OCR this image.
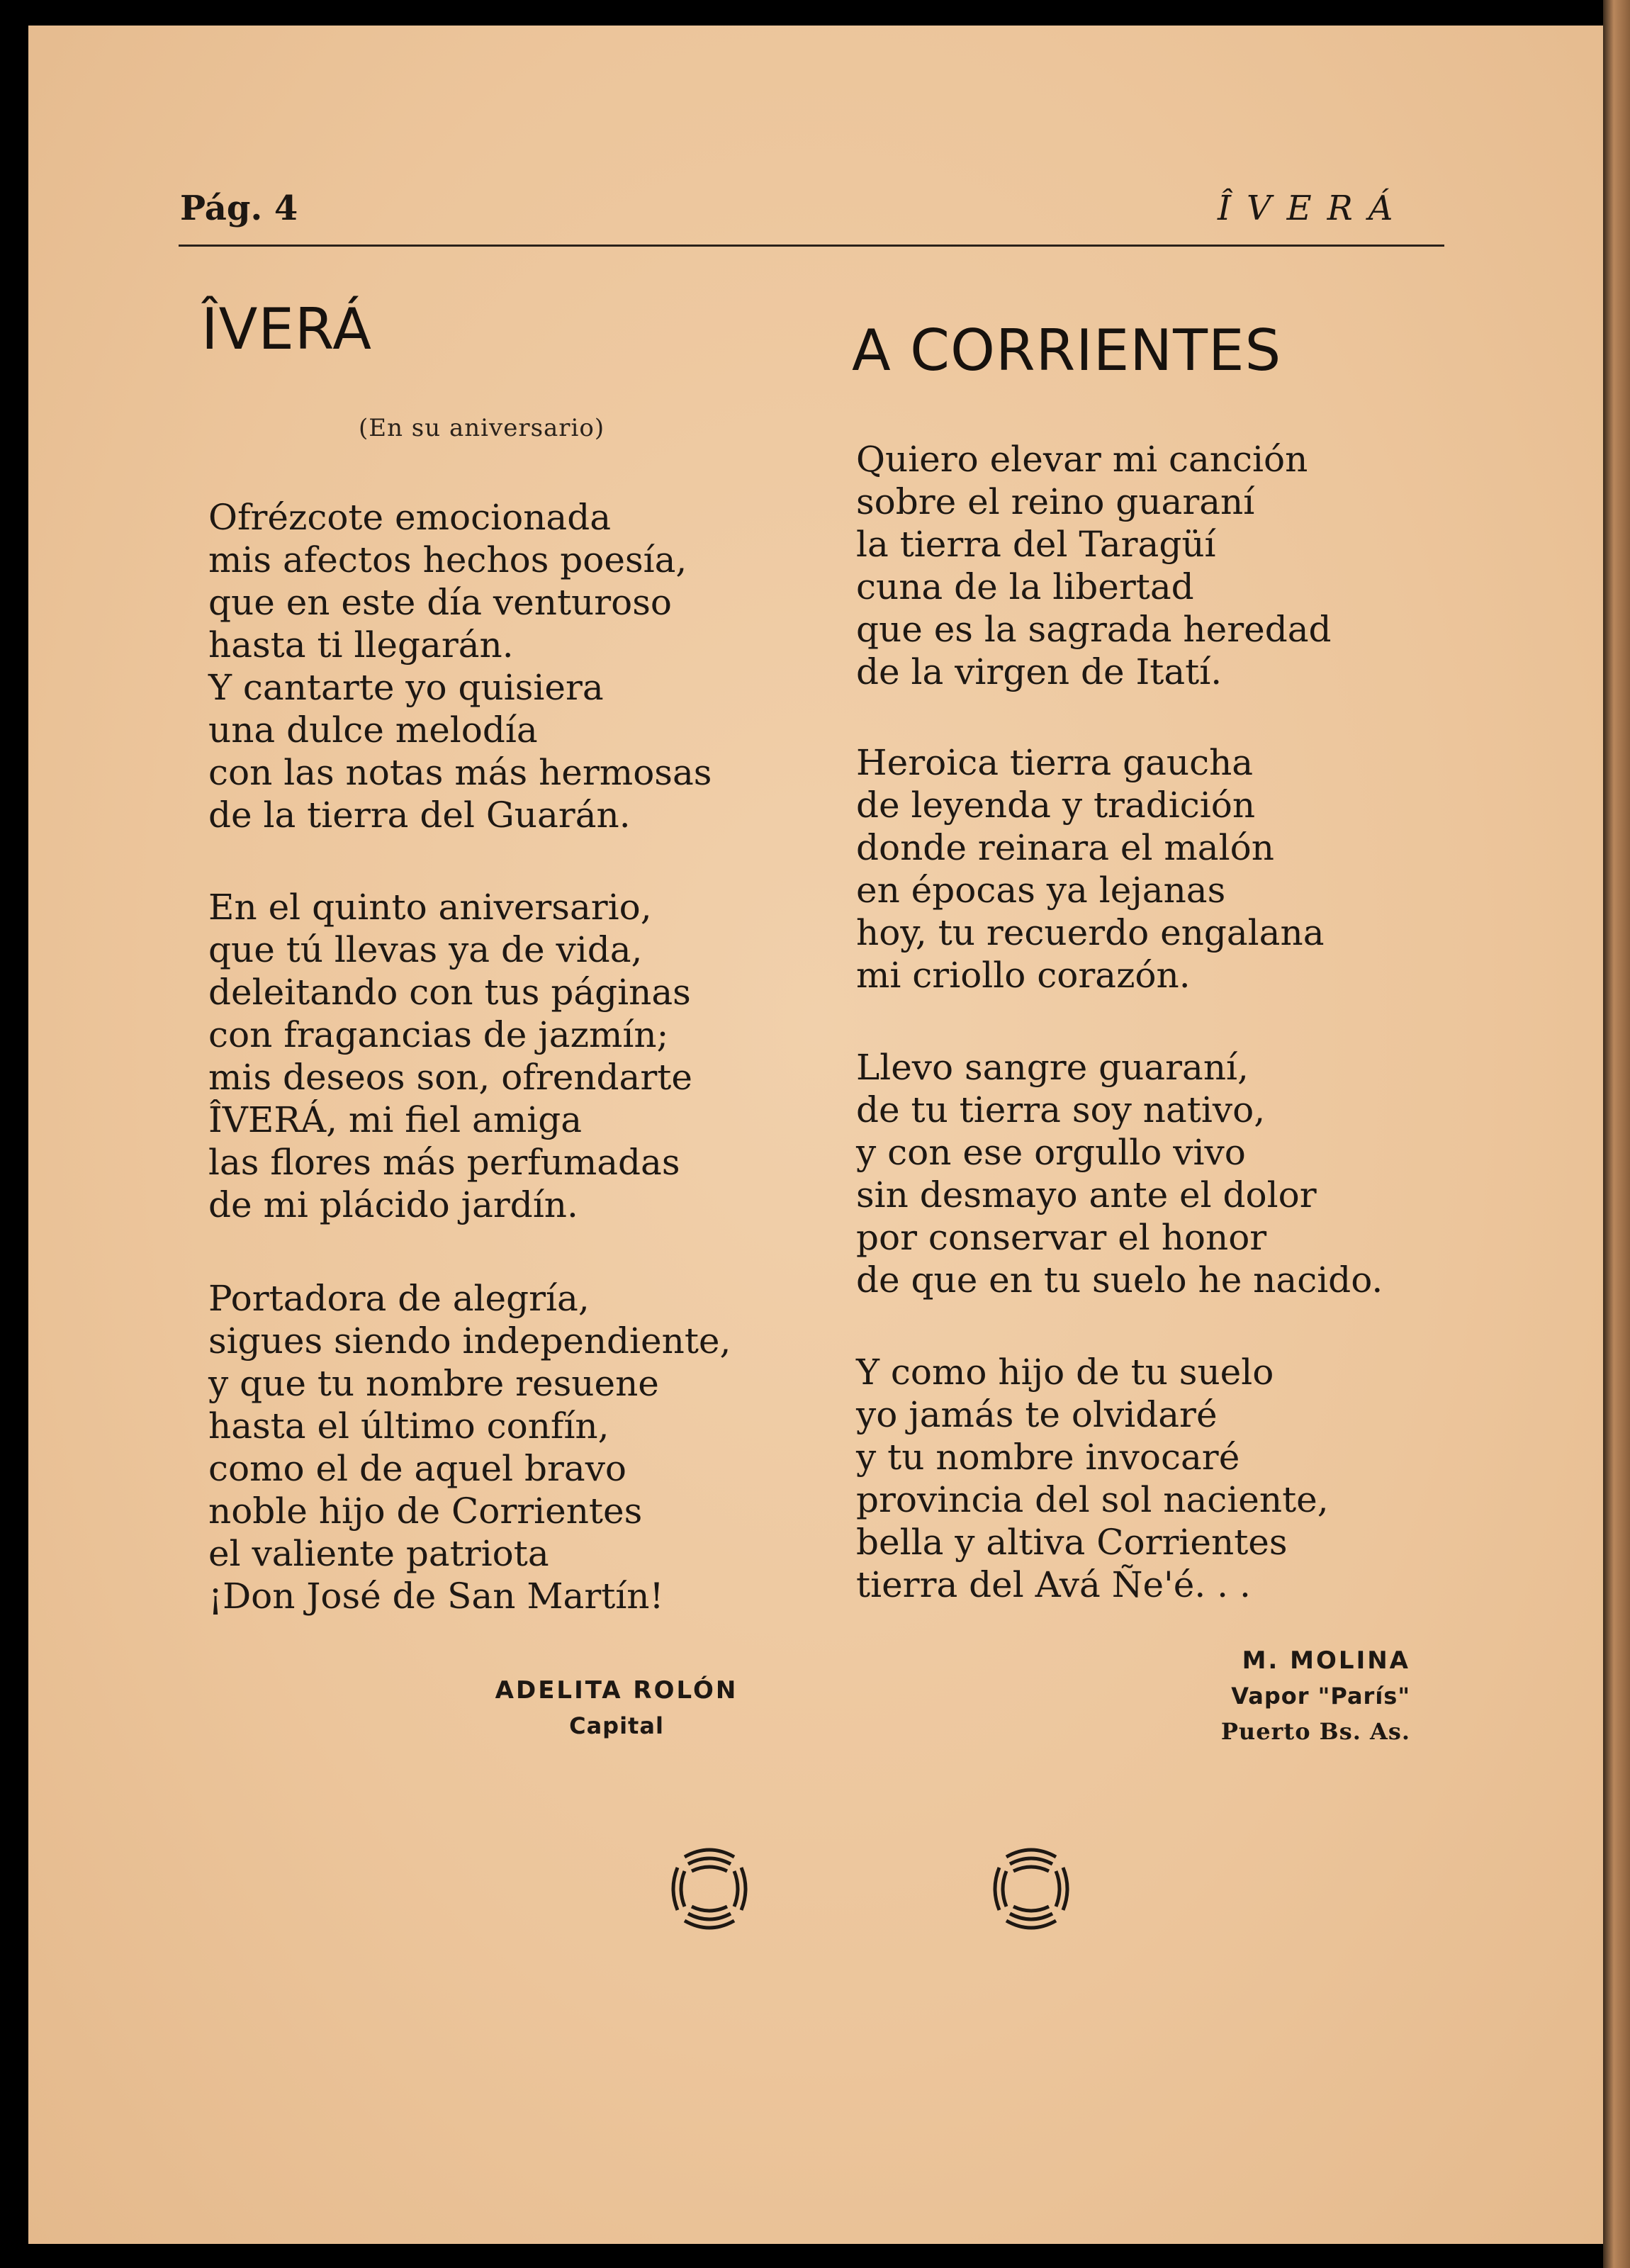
Pág. 4	ÎVERÁ
ÎVERÁ
(En su aniversario)
Ofrézcote emocionada
mis afectos hechos poesía,
que en este día venturoso
hasta ti llegarán.
Y cantarte yo quisiera
una dulce melodía
con las notas más hermosas
de la tierra del Guarán.
En el quinto aniversario,
que tú llevas ya de vida,
deleitando con tus páginas
con fragancias de jazmín;
mis deseos son, ofrendarte
ÎVERÁ, mi fiel amiga
las flores más perfumadas
de mi plácido jardín.
Portadora de alegría,
sigues siendo independiente,
y que tu nombre resuene
hasta el último confín,
como el de aquel bravo
noble hijo de Corrientes
el valiente patriota
¡Don José de San Martín!
ADELITA ROLÓN
Capital
A CORRIENTES
Quiero elevar mi canción
sobre el reino guaraní
la tierra del Taragüí
cuna de la libertad
que es la sagrada heredad
de la virgen de Itatí.
Heroica tierra gaucha
de leyenda y tradición
donde reinara el malón
en épocas ya lejanas
hoy, tu recuerdo engalana
mi criollo corazón.
Llevo sangre guaraní,
de tu tierra soy nativo,
y con ese orgullo vivo
sin desmayo ante el dolor
por conservar el honor
de que en tu suelo he nacido.
Y como hijo de tu suelo
yo jamás te olvidaré
y tu nombre invocaré
provincia del sol naciente,
bella y altiva Corrientes
tierra del Avá Ñe'é. . .
M. MOLINA
Vapor "París"
Puerto Bs. As.
